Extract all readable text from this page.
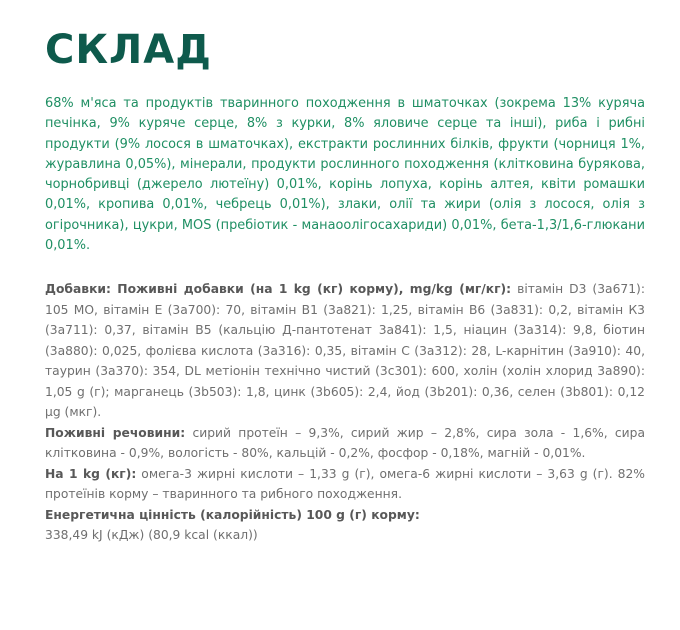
СКЛАД

68% м'яса та продуктів тваринного походження в шматочках (зокрема 13% куряча печінка, 9% куряче серце, 8% з курки, 8% яловиче серце та інші), риба і рибні продукти (9% лосося в шматочках), екстракти рослинних білків, фрукти (чорниця 1%, журавлина 0,05%), мінерали, продукти рослинного походження (клітковина бурякова, чорнобривці (джерело лютеїну) 0,01%, корінь лопуха, корінь алтея, квіти ромашки 0,01%, кропива 0,01%, чебрець 0,01%), злаки, олії та жири (олія з лосося, олія з огірочника), цукри, MOS (пребіотик - манаоолігосахариди) 0,01%, бета-1,3/1,6-глюкани 0,01%.

Добавки: Поживні добавки (на 1 kg (кг) корму), mg/kg (мг/кг): вітамін D3 (3a671): 105 МО, вітамін Е (3a700): 70, вітамін B1 (3a821): 1,25, вітамін B6 (3a831): 0,2, вітамін К3 (3a711): 0,37, вітамін B5 (кальцію Д-пантотенат 3a841): 1,5, ніацин (3a314): 9,8, біотин (3a880): 0,025, фолієва кислота (3a316): 0,35, вітамін С (3a312): 28, L-карнітин (3a910): 40, таурин (3a370): 354, DL метіонін технічно чистий (3c301): 600, холін (холін хлорид 3a890): 1,05 g (г); марганець (3b503): 1,8, цинк (3b605): 2,4, йод (3b201): 0,36, селен (3b801): 0,12 µg (мкг).

Поживні речовини: сирий протеїн – 9,3%, сирий жир – 2,8%, сира зола - 1,6%, сира клітковина - 0,9%, вологість - 80%, кальцій - 0,2%, фосфор - 0,18%, магній - 0,01%.

На 1 kg (кг): омега-3 жирні кислоти – 1,33 g (г), омега-6 жирні кислоти – 3,63 g (г). 82% протеїнів корму – тваринного та рибного походження.

Енергетична цінність (калорійність) 100 g (г) корму:

338,49 kJ (кДж) (80,9 kcal (ккал))
